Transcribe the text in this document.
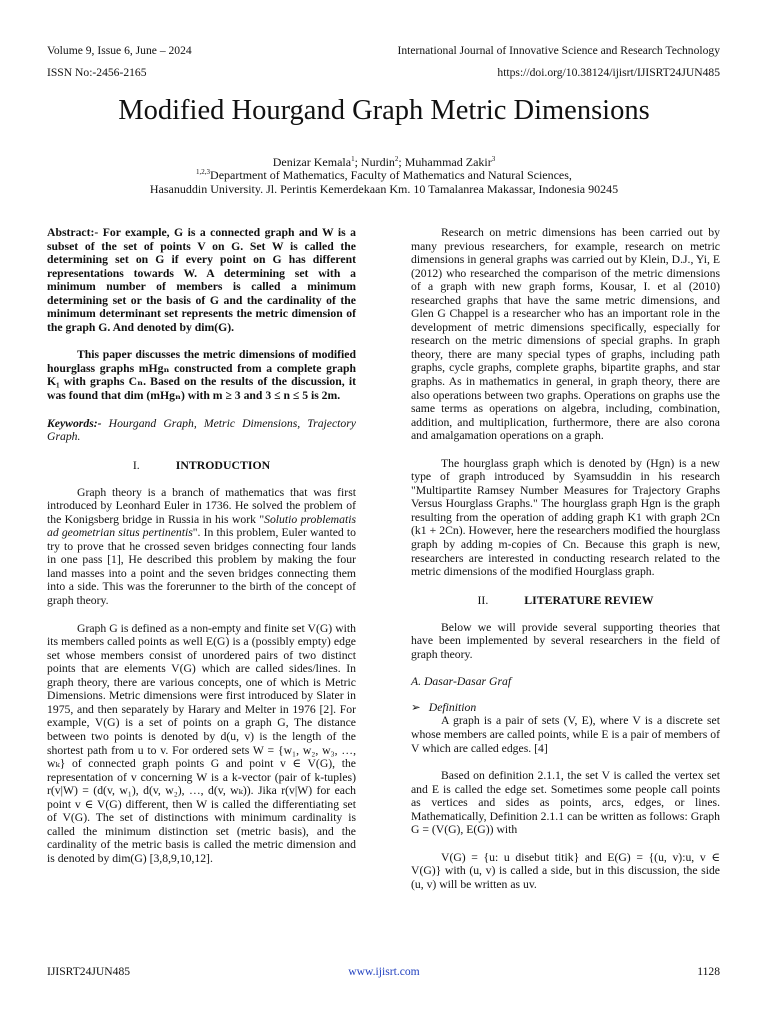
Volume 9, Issue 6, June – 2024	International Journal of Innovative Science and Research Technology
ISSN No:-2456-2165	https://doi.org/10.38124/ijisrt/IJISRT24JUN485
Modified Hourgand Graph Metric Dimensions
Denizar Kemala$^1$; Nurdin$^2$; Muhammad Zakir$^3$
$^{1,2,3}$Department of Mathematics, Faculty of Mathematics and Natural Sciences,
Hasanuddin University. Jl. Perintis Kemerdekaan Km. 10 Tamalanrea Makassar, Indonesia 90245

Abstract:- For example, G is a connected graph and W is a subset of the set of points V on G. Set W is called the determining set on G if every point on G has different representations towards W. A determining set with a minimum number of members is called a minimum determining set or the basis of G and the cardinality of the minimum determinant set represents the metric dimension of the graph G. And denoted by dim(G).

This paper discusses the metric dimensions of modified hourglass graphs mHgₙ constructed from a complete graph K₁ with graphs Cₙ. Based on the results of the discussion, it was found that dim (mHgₙ) with m ≥ 3 and 3 ≤ n ≤ 5 is 2m.

Keywords:- Hourgand Graph, Metric Dimensions, Trajectory Graph.

I.	INTRODUCTION

Graph theory is a branch of mathematics that was first introduced by Leonhard Euler in 1736. He solved the problem of the Konigsberg bridge in Russia in his work "Solutio problematis ad geometrian situs pertinentis". In this problem, Euler wanted to try to prove that he crossed seven bridges connecting four lands in one pass [1], He described this problem by making the four land masses into a point and the seven bridges connecting them into a side. This was the forerunner to the birth of the concept of graph theory.

Graph G is defined as a non-empty and finite set V(G) with its members called points as well E(G) is a (possibly empty) edge set whose members consist of unordered pairs of two distinct points that are elements V(G) which are called sides/lines. In graph theory, there are various concepts, one of which is Metric Dimensions. Metric dimensions were first introduced by Slater in 1975, and then separately by Harary and Melter in 1976 [2]. For example, V(G) is a set of points on a graph G, The distance between two points is denoted by d(u, v) is the length of the shortest path from u to v. For ordered sets W = {w₁, w₂, w₃, …, wₖ} of connected graph points G and point v ∈ V(G), the representation of v concerning W is a k-vector (pair of k-tuples) r(v|W) = (d(v, w₁), d(v, w₂), …, d(v, wₖ)). Jika r(v|W) for each point v ∈ V(G) different, then W is called the differentiating set of V(G). The set of distinctions with minimum cardinality is called the minimum distinction set (metric basis), and the cardinality of the metric basis is called the metric dimension and is denoted by dim(G) [3,8,9,10,12].

Research on metric dimensions has been carried out by many previous researchers, for example, research on metric dimensions in general graphs was carried out by Klein, D.J., Yi, E (2012) who researched the comparison of the metric dimensions of a graph with new graph forms, Kousar, I. et al (2010) researched graphs that have the same metric dimensions, and Glen G Chappel is a researcher who has an important role in the development of metric dimensions specifically, especially for research on the metric dimensions of special graphs. In graph theory, there are many special types of graphs, including path graphs, cycle graphs, complete graphs, bipartite graphs, and star graphs. As in mathematics in general, in graph theory, there are also operations between two graphs. Operations on graphs use the same terms as operations on algebra, including, combination, addition, and multiplication, furthermore, there are also corona and amalgamation operations on a graph.

The hourglass graph which is denoted by (Hgn) is a new type of graph introduced by Syamsuddin in his research "Multipartite Ramsey Number Measures for Trajectory Graphs Versus Hourglass Graphs." The hourglass graph Hgn is the graph resulting from the operation of adding graph K1 with graph 2Cn (k1 + 2Cn). However, here the researchers modified the hourglass graph by adding m-copies of Cn. Because this graph is new, researchers are interested in conducting research related to the metric dimensions of the modified Hourglass graph.

II.	LITERATURE REVIEW

Below we will provide several supporting theories that have been implemented by several researchers in the field of graph theory.

A. Dasar-Dasar Graf
➢ Definition

A graph is a pair of sets (V, E), where V is a discrete set whose members are called points, while E is a pair of members of V which are called edges. [4]

Based on definition 2.1.1, the set V is called the vertex set and E is called the edge set. Sometimes some people call points as vertices and sides as points, arcs, edges, or lines. Mathematically, Definition 2.1.1 can be written as follows: Graph G = (V(G), E(G)) with

V(G) = {u: u disebut titik} and E(G) = {(u, v):u, v ∈ V(G)} with (u, v) is called a side, but in this discussion, the side (u, v) will be written as uv.

IJISRT24JUN485	www.ijisrt.com	1128
